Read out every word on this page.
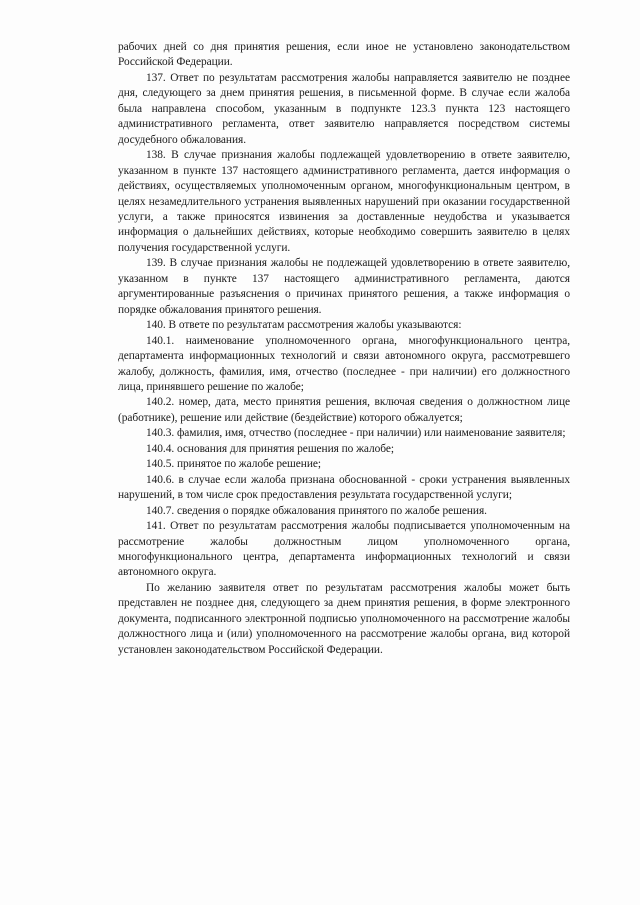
рабочих дней со дня принятия решения, если иное не установлено законодательством Российской Федерации.

137. Ответ по результатам рассмотрения жалобы направляется заявителю не позднее дня, следующего за днем принятия решения, в письменной форме. В случае если жалоба была направлена способом, указанным в подпункте 123.3 пункта 123 настоящего административного регламента, ответ заявителю направляется посредством системы досудебного обжалования.

138. В случае признания жалобы подлежащей удовлетворению в ответе заявителю, указанном в пункте 137 настоящего административного регламента, дается информация о действиях, осуществляемых уполномоченным органом, многофункциональным центром, в целях незамедлительного устранения выявленных нарушений при оказании государственной услуги, а также приносятся извинения за доставленные неудобства и указывается информация о дальнейших действиях, которые необходимо совершить заявителю в целях получения государственной услуги.

139. В случае признания жалобы не подлежащей удовлетворению в ответе заявителю, указанном в пункте 137 настоящего административного регламента, даются аргументированные разъяснения о причинах принятого решения, а также информация о порядке обжалования принятого решения.

140. В ответе по результатам рассмотрения жалобы указываются:

140.1. наименование уполномоченного органа, многофункционального центра, департамента информационных технологий и связи автономного округа, рассмотревшего жалобу, должность, фамилия, имя, отчество (последнее - при наличии) его должностного лица, принявшего решение по жалобе;

140.2. номер, дата, место принятия решения, включая сведения о должностном лице (работнике), решение или действие (бездействие) которого обжалуется;

140.3. фамилия, имя, отчество (последнее - при наличии) или наименование заявителя;

140.4. основания для принятия решения по жалобе;

140.5. принятое по жалобе решение;

140.6. в случае если жалоба признана обоснованной - сроки устранения выявленных нарушений, в том числе срок предоставления результата государственной услуги;

140.7. сведения о порядке обжалования принятого по жалобе решения.

141. Ответ по результатам рассмотрения жалобы подписывается уполномоченным на рассмотрение жалобы должностным лицом уполномоченного органа, многофункционального центра, департамента информационных технологий и связи автономного округа.

По желанию заявителя ответ по результатам рассмотрения жалобы может быть представлен не позднее дня, следующего за днем принятия решения, в форме электронного документа, подписанного электронной подписью уполномоченного на рассмотрение жалобы должностного лица и (или) уполномоченного на рассмотрение жалобы органа, вид которой установлен законодательством Российской Федерации.
